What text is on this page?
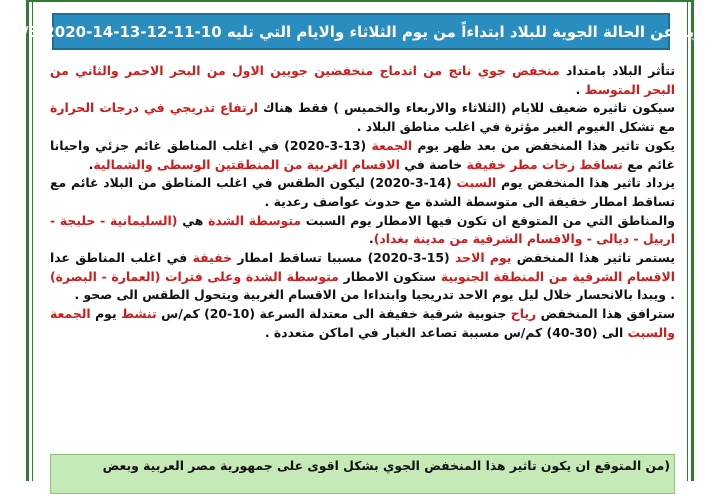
تقرير عن الحالة الجوية للبلاد ابتداءاً من يوم الثلاثاء والايام التي تليه 10-11-12-13-14-15/3/2020

تتأثر البلاد بامتداد منخفض جوي ناتج من اندماج منخفضين جويين الاول من البحر الاحمر والثاني من البحر المتوسط .

سيكون تاثيره ضعيف للايام (الثلاثاء والاربعاء والخميس ) فقط هناك ارتفاع تدريجي في درجات الحرارة مع تشكل الغيوم الغير مؤثرة في اغلب مناطق البلاد .

يكون تاثير هذا المنخفض من بعد ظهر يوم الجمعة (13-3-2020) في اغلب المناطق غائم جزئي واحيانا غائم مع تساقط زخات مطر خفيفة خاصة في الاقسام الغربية من المنطقتين الوسطى والشمالية.

يزداد تاثير هذا المنخفض يوم السبت (14-3-2020) ليكون الطقس في اغلب المناطق من البلاد غائم مع تساقط امطار خفيفة الى متوسطة الشدة مع حدوث عواصف رعدية .

والمناطق التي من المتوقع ان تكون فيها الامطار يوم السبت متوسطة الشدة هي (السليمانية - حلبجة - اربيل - ديالى - والاقسام الشرقية من مدينة بغداد).

يستمر تاثير هذا المنخفض يوم الاحد (15-3-2020) مسببا تساقط امطار خفيفة في اغلب المناطق عدا الاقسام الشرقية من المنطقة الجنوبية ستكون الامطار متوسطة الشدة وعلى فترات (العمارة - البصرة) . ويبدا بالانحسار خلال ليل يوم الاحد تدريجيا وابتداءا من الاقسام الغربية ويتحول الطقس الى صحو .

سترافق هذا المنخفض رياح جنوبية شرقية خفيفة الى معتدلة السرعة (10-20) كم/س تنشط يوم الجمعة والسبت الى (30-40) كم/س مسببة تصاعد الغبار في اماكن متعددة .

(من المتوقع ان يكون تاثير هذا المنخفض الجوي بشكل اقوى على جمهورية مصر العربية وبعض
